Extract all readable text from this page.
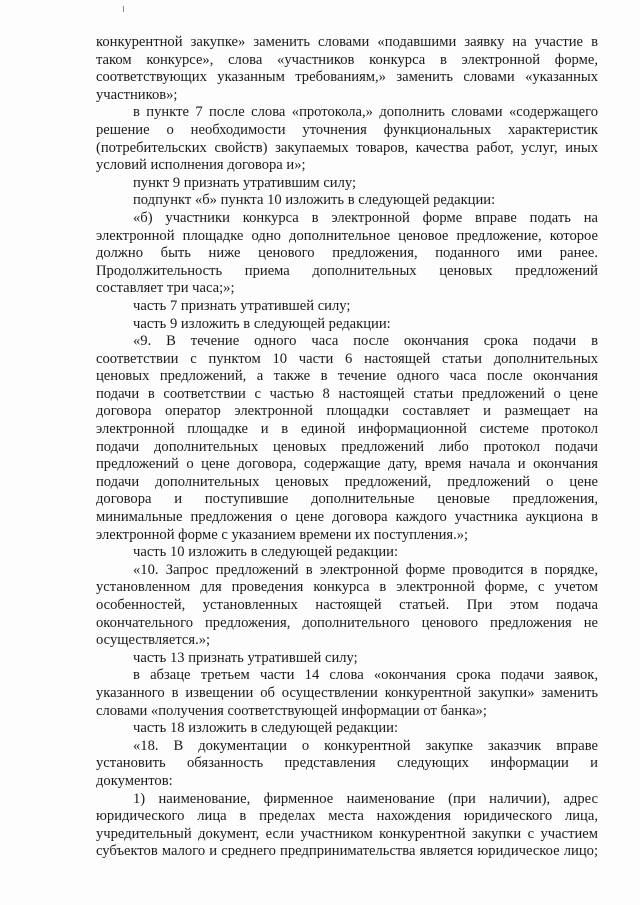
конкурентной закупке» заменить словами «подавшими заявку на участие в
таком конкурсе», слова «участников конкурса в электронной форме,
соответствующих указанным требованиям,» заменить словами «указанных
участников»;
в пункте 7 после слова «протокола,» дополнить словами «содержащего
решение о необходимости уточнения функциональных характеристик
(потребительских свойств) закупаемых товаров, качества работ, услуг, иных
условий исполнения договора и»;
пункт 9 признать утратившим силу;
подпункт «б» пункта 10 изложить в следующей редакции:
«б) участники конкурса в электронной форме вправе подать на
электронной площадке одно дополнительное ценовое предложение, которое
должно быть ниже ценового предложения, поданного ими ранее.
Продолжительность приема дополнительных ценовых предложений
составляет три часа;»;
часть 7 признать утратившей силу;
часть 9 изложить в следующей редакции:
«9. В течение одного часа после окончания срока подачи в
соответствии с пунктом 10 части 6 настоящей статьи дополнительных
ценовых предложений, а также в течение одного часа после окончания
подачи в соответствии с частью 8 настоящей статьи предложений о цене
договора оператор электронной площадки составляет и размещает на
электронной площадке и в единой информационной системе протокол
подачи дополнительных ценовых предложений либо протокол подачи
предложений о цене договора, содержащие дату, время начала и окончания
подачи дополнительных ценовых предложений, предложений о цене
договора и поступившие дополнительные ценовые предложения,
минимальные предложения о цене договора каждого участника аукциона в
электронной форме с указанием времени их поступления.»;
часть 10 изложить в следующей редакции:
«10. Запрос предложений в электронной форме проводится в порядке,
установленном для проведения конкурса в электронной форме, с учетом
особенностей, установленных настоящей статьей. При этом подача
окончательного предложения, дополнительного ценового предложения не
осуществляется.»;
часть 13 признать утратившей силу;
в абзаце третьем части 14 слова «окончания срока подачи заявок,
указанного в извещении об осуществлении конкурентной закупки» заменить
словами «получения соответствующей информации от банка»;
часть 18 изложить в следующей редакции:
«18. В документации о конкурентной закупке заказчик вправе
установить обязанность представления следующих информации и
документов:
1) наименование, фирменное наименование (при наличии), адрес
юридического лица в пределах места нахождения юридического лица,
учредительный документ, если участником конкурентной закупки с участием
субъектов малого и среднего предпринимательства является юридическое лицо;
